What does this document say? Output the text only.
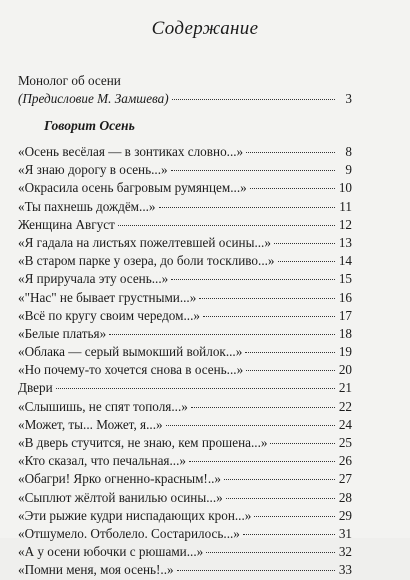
Содержание
Монолог об осени
(Предисловие М. Замшева)	3
Говорит Осень
«Осень весёлая — в зонтиках словно...»	8
«Я знаю дорогу в осень...»	9
«Окрасила осень багровым румянцем...»	10
«Ты пахнешь дождём...»	11
Женщина Август	12
«Я гадала на листьях пожелтевшей осины...»	13
«В старом парке у озера, до боли тоскливо...»	14
«Я приручала эту осень...»	15
«"Нас" не бывает грустными...»	16
«Всё по кругу своим чередом...»	17
«Белые платья»	18
«Облака — серый вымокший войлок...»	19
«Но почему-то хочется снова в осень...»	20
Двери	21
«Слышишь, не спят тополя...»	22
«Может, ты... Может, я...»	24
«В дверь стучится, не знаю, кем прошена...»	25
«Кто сказал, что печальная...»	26
«Обагри! Ярко огненно-красным!..»	27
«Сыплют жёлтой ванилью осины...»	28
«Эти рыжие кудри ниспадающих крон...»	29
«Отшумело. Отболело. Состарилось...»	31
«А у осени юбочки с рюшами...»	32
«Помни меня, моя осень!..»	33
